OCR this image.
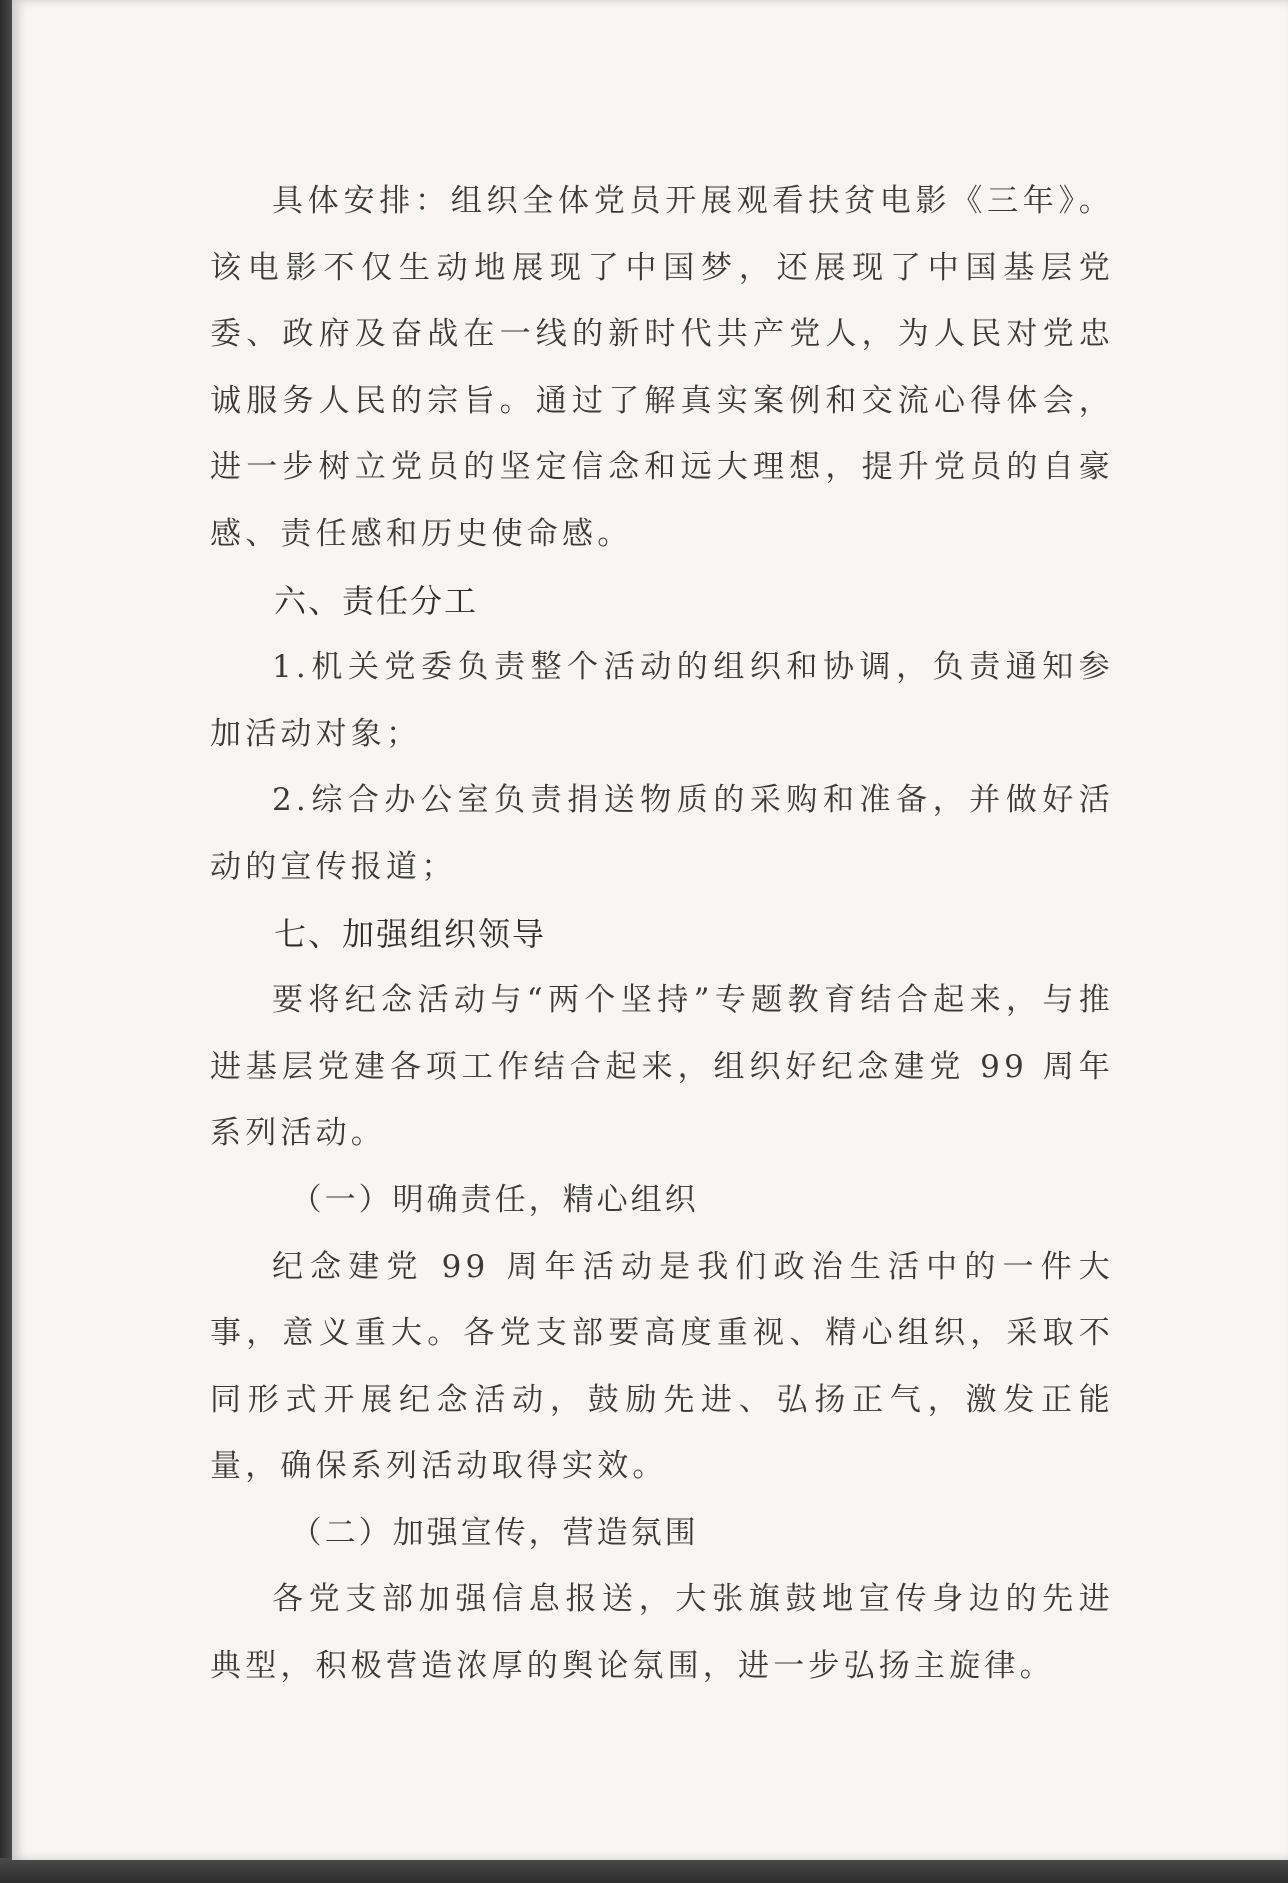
具体安排：组织全体党员开展观看扶贫电影《三年》。该电影不仅生动地展现了中国梦，还展现了中国基层党委、政府及奋战在一线的新时代共产党人，为人民对党忠诚服务人民的宗旨。通过了解真实案例和交流心得体会，进一步树立党员的坚定信念和远大理想，提升党员的自豪感、责任感和历史使命感。

六、责任分工

1.机关党委负责整个活动的组织和协调，负责通知参加活动对象；

2.综合办公室负责捐送物质的采购和准备，并做好活动的宣传报道；

七、加强组织领导

要将纪念活动与“两个坚持”专题教育结合起来，与推进基层党建各项工作结合起来，组织好纪念建党 99 周年系列活动。

（一）明确责任，精心组织

纪念建党 99 周年活动是我们政治生活中的一件大事，意义重大。各党支部要高度重视、精心组织，采取不同形式开展纪念活动，鼓励先进、弘扬正气，激发正能量，确保系列活动取得实效。

（二）加强宣传，营造氛围

各党支部加强信息报送，大张旗鼓地宣传身边的先进典型，积极营造浓厚的舆论氛围，进一步弘扬主旋律。
